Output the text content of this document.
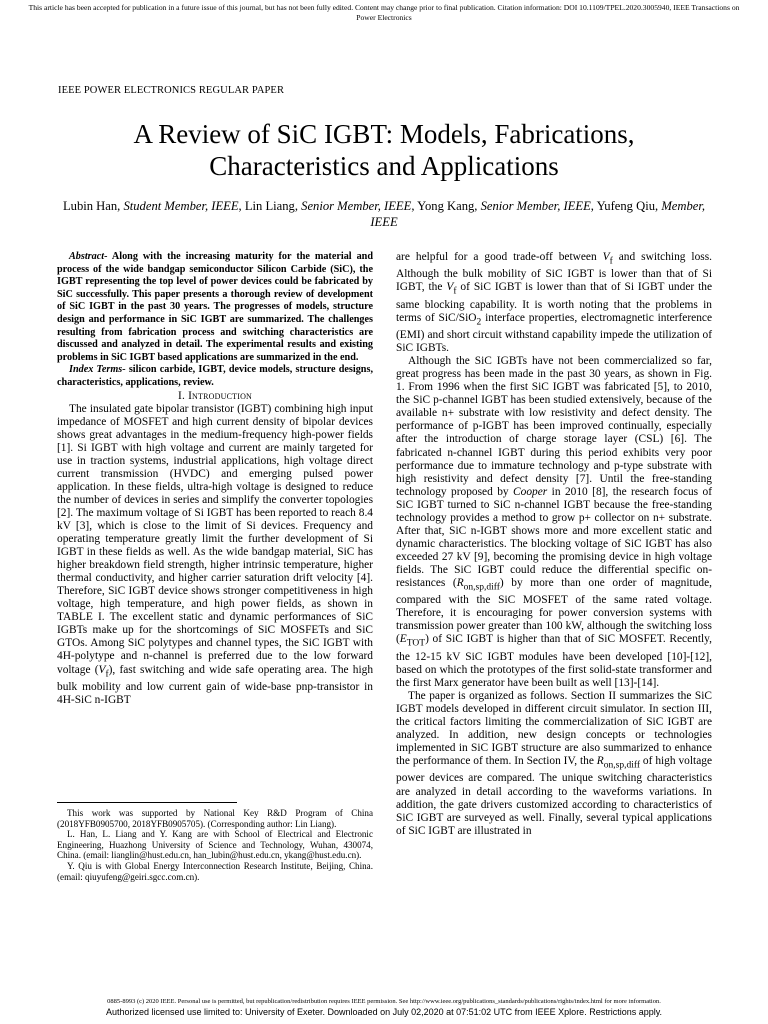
This article has been accepted for publication in a future issue of this journal, but has not been fully edited. Content may change prior to final publication. Citation information: DOI 10.1109/TPEL.2020.3005940, IEEE Transactions on Power Electronics
IEEE POWER ELECTRONICS REGULAR PAPER
A Review of SiC IGBT: Models, Fabrications, Characteristics and Applications
Lubin Han, Student Member, IEEE, Lin Liang, Senior Member, IEEE, Yong Kang, Senior Member, IEEE, Yufeng Qiu, Member, IEEE

Abstract- Along with the increasing maturity for the material and process of the wide bandgap semiconductor Silicon Carbide (SiC), the IGBT representing the top level of power devices could be fabricated by SiC successfully. This paper presents a thorough review of development of SiC IGBT in the past 30 years. The progresses of models, structure design and performance in SiC IGBT are summarized. The challenges resulting from fabrication process and switching characteristics are discussed and analyzed in detail. The experimental results and existing problems in SiC IGBT based applications are summarized in the end.

Index Terms- silicon carbide, IGBT, device models, structure designs, characteristics, applications, review.

I. Introduction

The insulated gate bipolar transistor (IGBT) combining high input impedance of MOSFET and high current density of bipolar devices shows great advantages in the medium-frequency high-power fields [1]. Si IGBT with high voltage and current are mainly targeted for use in traction systems, industrial applications, high voltage direct current transmission (HVDC) and emerging pulsed power application. In these fields, ultra-high voltage is designed to reduce the number of devices in series and simplify the converter topologies [2]. The maximum voltage of Si IGBT has been reported to reach 8.4 kV [3], which is close to the limit of Si devices. Frequency and operating temperature greatly limit the further development of Si IGBT in these fields as well. As the wide bandgap material, SiC has higher breakdown field strength, higher intrinsic temperature, higher thermal conductivity, and higher carrier saturation drift velocity [4]. Therefore, SiC IGBT device shows stronger competitiveness in high voltage, high temperature, and high power fields, as shown in TABLE I. The excellent static and dynamic performances of SiC IGBTs make up for the shortcomings of SiC MOSFETs and SiC GTOs. Among SiC polytypes and channel types, the SiC IGBT with 4H-polytype and n-channel is preferred due to the low forward voltage $(V_f)$, fast switching and wide safe operating area. The high bulk mobility and low current gain of wide-base pnp-transistor in 4H-SiC n-IGBT

This work was supported by National Key R&D Program of China (2018YFB0905700, 2018YFB0905705). (Corresponding author: Lin Liang).

L. Han, L. Liang and Y. Kang are with School of Electrical and Electronic Engineering, Huazhong University of Science and Technology, Wuhan, 430074, China. (email: lianglin@hust.edu.cn, han_lubin@hust.edu.cn, ykang@hust.edu.cn).

Y. Qiu is with Global Energy Interconnection Research Institute, Beijing, China. (email: qiuyufeng@geiri.sgcc.com.cn).

are helpful for a good trade-off between $V_f$ and switching loss. Although the bulk mobility of SiC IGBT is lower than that of Si IGBT, the $V_f$ of SiC IGBT is lower than that of Si IGBT under the same blocking capability. It is worth noting that the problems in terms of SiC/SiO$_2$ interface properties, electromagnetic interference (EMI) and short circuit withstand capability impede the utilization of SiC IGBTs.

Although the SiC IGBTs have not been commercialized so far, great progress has been made in the past 30 years, as shown in Fig. 1. From 1996 when the first SiC IGBT was fabricated [5], to 2010, the SiC p-channel IGBT has been studied extensively, because of the available n+ substrate with low resistivity and defect density. The performance of p-IGBT has been improved continually, especially after the introduction of charge storage layer (CSL) [6]. The fabricated n-channel IGBT during this period exhibits very poor performance due to immature technology and p-type substrate with high resistivity and defect density [7]. Until the free-standing technology proposed by Cooper in 2010 [8], the research focus of SiC IGBT turned to SiC n-channel IGBT because the free-standing technology provides a method to grow p+ collector on n+ substrate. After that, SiC n-IGBT shows more and more excellent static and dynamic characteristics. The blocking voltage of SiC IGBT has also exceeded 27 kV [9], becoming the promising device in high voltage fields. The SiC IGBT could reduce the differential specific on-resistances $(R_{on,sp,diff})$ by more than one order of magnitude, compared with the SiC MOSFET of the same rated voltage. Therefore, it is encouraging for power conversion systems with transmission power greater than 100 kW, although the switching loss $(E_{TOT})$ of SiC IGBT is higher than that of SiC MOSFET. Recently, the 12-15 kV SiC IGBT modules have been developed [10]-[12], based on which the prototypes of the first solid-state transformer and the first Marx generator have been built as well [13]-[14].

The paper is organized as follows. Section II summarizes the SiC IGBT models developed in different circuit simulator. In section III, the critical factors limiting the commercialization of SiC IGBT are analyzed. In addition, new design concepts or technologies implemented in SiC IGBT structure are also summarized to enhance the performance of them. In Section IV, the $R_{on,sp,diff}$ of high voltage power devices are compared. The unique switching characteristics are analyzed in detail according to the waveforms variations. In addition, the gate drivers customized according to characteristics of SiC IGBT are surveyed as well. Finally, several typical applications of SiC IGBT are illustrated in

0885-8993 (c) 2020 IEEE. Personal use is permitted, but republication/redistribution requires IEEE permission. See http://www.ieee.org/publications_standards/publications/rights/index.html for more information.
Authorized licensed use limited to: University of Exeter. Downloaded on July 02,2020 at 07:51:02 UTC from IEEE Xplore. Restrictions apply.
